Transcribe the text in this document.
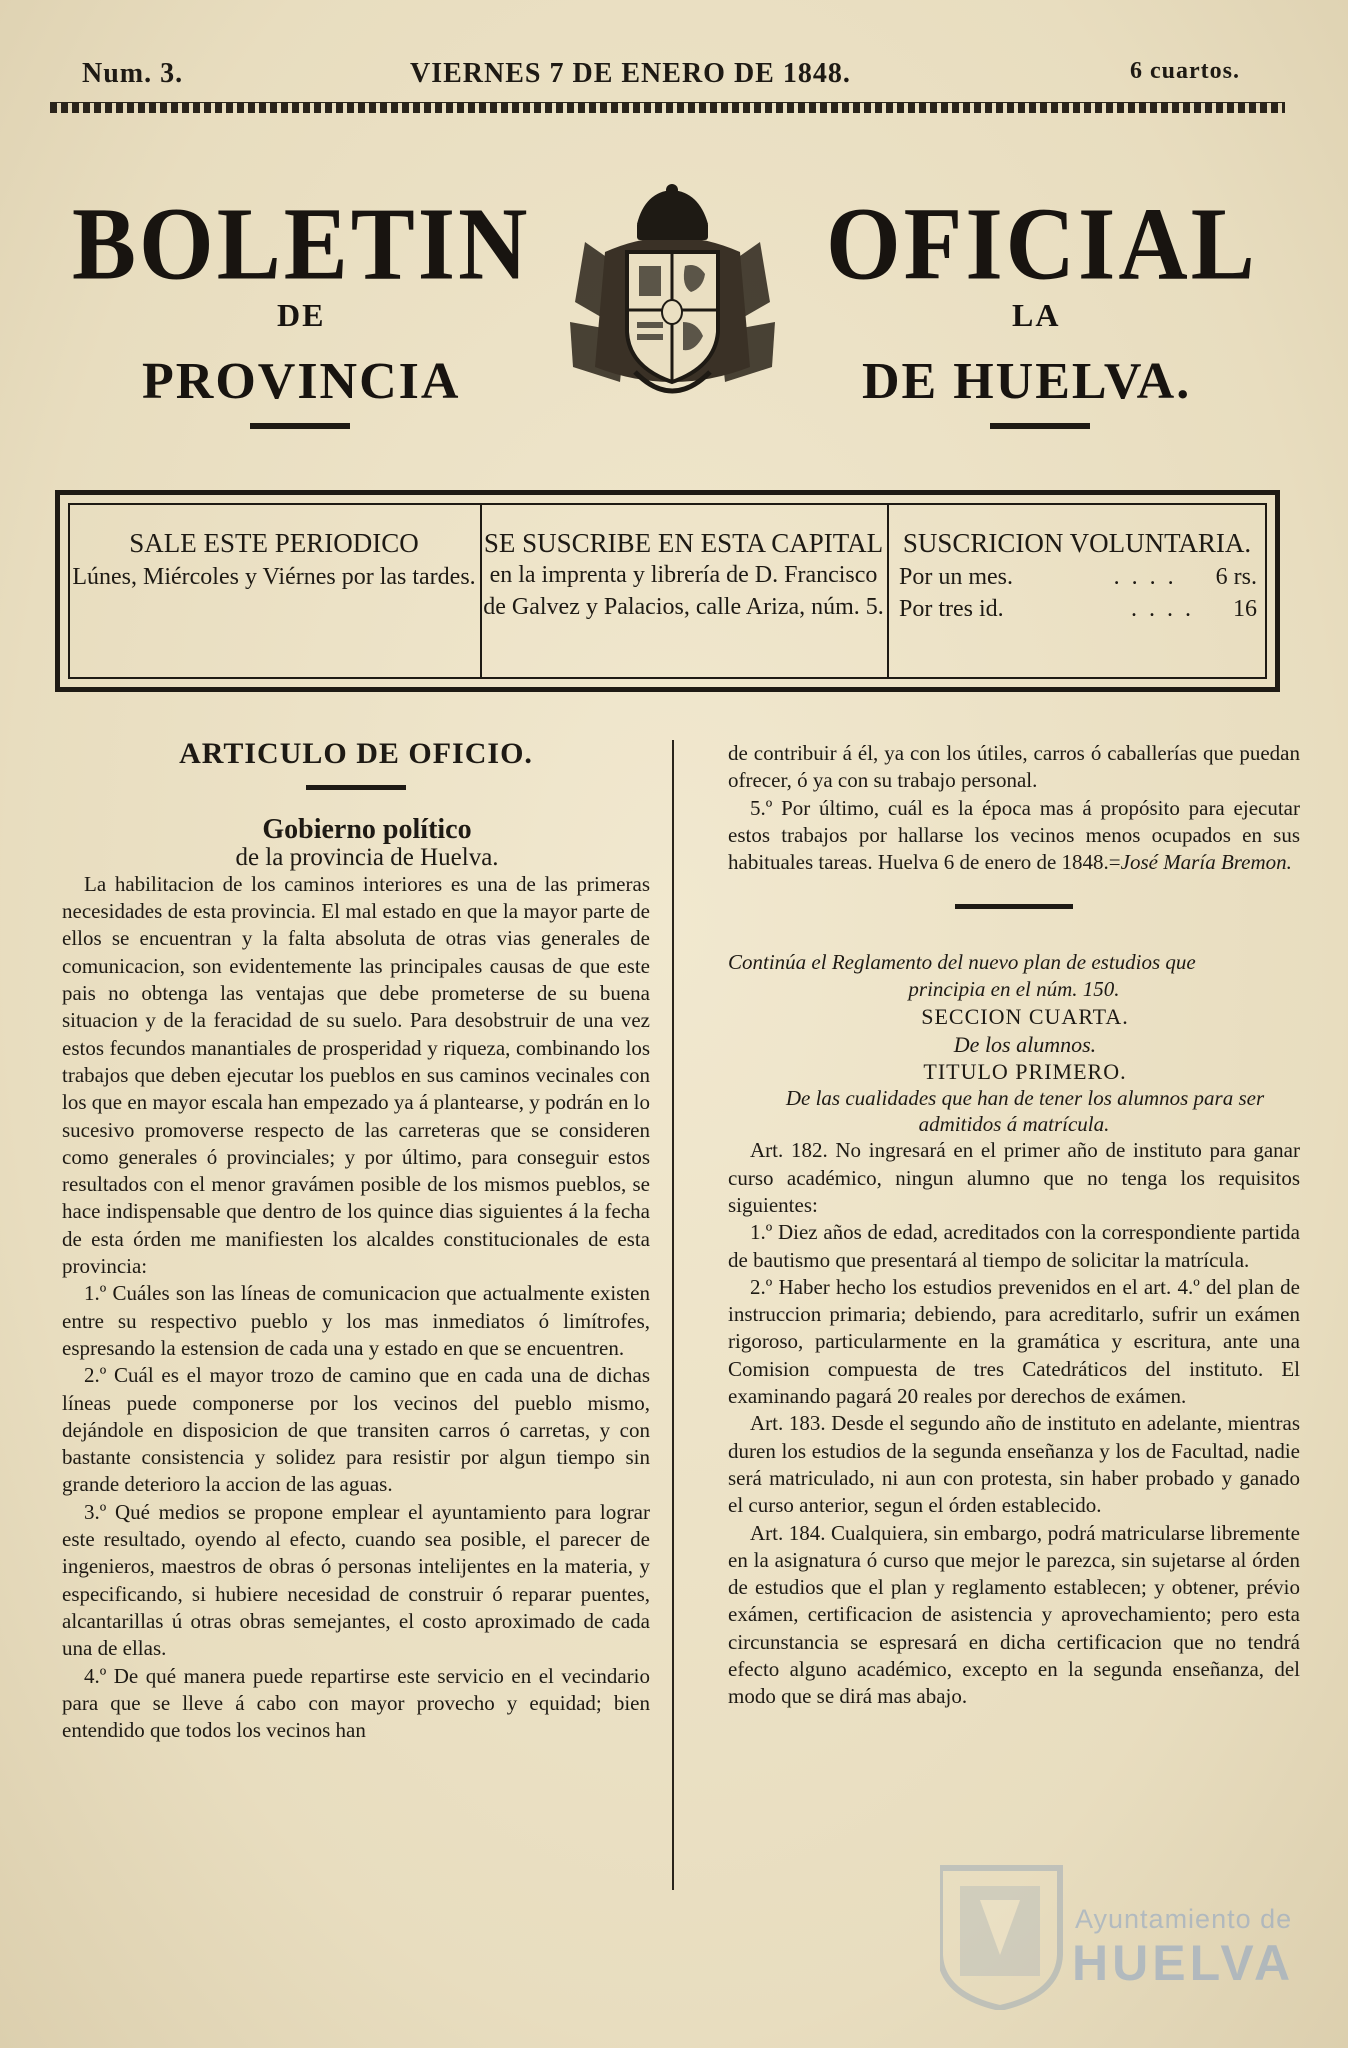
Num. 3.	VIERNES 7 DE ENERO DE 1848.	6 cuartos.
BOLETIN	OFICIAL
DE	LA
PROVINCIA	DE HUELVA.
SALE ESTE PERIODICO
Lúnes, Miércoles y Viérnes por las tardes.
SE SUSCRIBE EN ESTA CAPITAL
en la imprenta y librería de D. Francisco de Galvez y Palacios, calle Ariza, núm. 5.
SUSCRICION VOLUNTARIA.
Por un mes.	....	6 rs.
Por tres id.	....	16
ARTICULO DE OFICIO.

Gobierno político

de la provincia de Huelva.

La habilitacion de los caminos interiores es una de las primeras necesidades de esta provincia. El mal estado en que la mayor parte de ellos se encuentran y la falta absoluta de otras vias generales de comunicacion, son evidentemente las principales causas de que este pais no obtenga las ventajas que debe prometerse de su buena situacion y de la feracidad de su suelo. Para desobstruir de una vez estos fecundos manantiales de prosperidad y riqueza, combinando los trabajos que deben ejecutar los pueblos en sus caminos vecinales con los que en mayor escala han empezado ya á plantearse, y podrán en lo sucesivo promoverse respecto de las carreteras que se consideren como generales ó provinciales; y por último, para conseguir estos resultados con el menor gravámen posible de los mismos pueblos, se hace indispensable que dentro de los quince dias siguientes á la fecha de esta órden me manifiesten los alcaldes constitucionales de esta provincia:

1.º Cuáles son las líneas de comunicacion que actualmente existen entre su respectivo pueblo y los mas inmediatos ó limítrofes, espresando la estension de cada una y estado en que se encuentren.

2.º Cuál es el mayor trozo de camino que en cada una de dichas líneas puede componerse por los vecinos del pueblo mismo, dejándole en disposicion de que transiten carros ó carretas, y con bastante consistencia y solidez para resistir por algun tiempo sin grande deterioro la accion de las aguas.

3.º Qué medios se propone emplear el ayuntamiento para lograr este resultado, oyendo al efecto, cuando sea posible, el parecer de ingenieros, maestros de obras ó personas intelijentes en la materia, y especificando, si hubiere necesidad de construir ó reparar puentes, alcantarillas ú otras obras semejantes, el costo aproximado de cada una de ellas.

4.º De qué manera puede repartirse este servicio en el vecindario para que se lleve á cabo con mayor provecho y equidad; bien entendido que todos los vecinos han

de contribuir á él, ya con los útiles, carros ó caballerías que puedan ofrecer, ó ya con su trabajo personal.

5.º Por último, cuál es la época mas á propósito para ejecutar estos trabajos por hallarse los vecinos menos ocupados en sus habituales tareas. Huelva 6 de enero de 1848.=José María Bremon.

Continúa el Reglamento del nuevo plan de estudios que
principia en el núm. 150.

SECCION CUARTA.

De los alumnos.

TITULO PRIMERO.

De las cualidades que han de tener los alumnos para ser admitidos á matrícula.

Art. 182. No ingresará en el primer año de instituto para ganar curso académico, ningun alumno que no tenga los requisitos siguientes:

1.º Diez años de edad, acreditados con la correspondiente partida de bautismo que presentará al tiempo de solicitar la matrícula.

2.º Haber hecho los estudios prevenidos en el art. 4.º del plan de instruccion primaria; debiendo, para acreditarlo, sufrir un exámen rigoroso, particularmente en la gramática y escritura, ante una Comision compuesta de tres Catedráticos del instituto. El examinando pagará 20 reales por derechos de exámen.

Art. 183. Desde el segundo año de instituto en adelante, mientras duren los estudios de la segunda enseñanza y los de Facultad, nadie será matriculado, ni aun con protesta, sin haber probado y ganado el curso anterior, segun el órden establecido.

Art. 184. Cualquiera, sin embargo, podrá matricularse libremente en la asignatura ó curso que mejor le parezca, sin sujetarse al órden de estudios que el plan y reglamento establecen; y obtener, prévio exámen, certificacion de asistencia y aprovechamiento; pero esta circunstancia se espresará en dicha certificacion que no tendrá efecto alguno académico, excepto en la segunda enseñanza, del modo que se dirá mas abajo.

Ayuntamiento de
HUELVA
